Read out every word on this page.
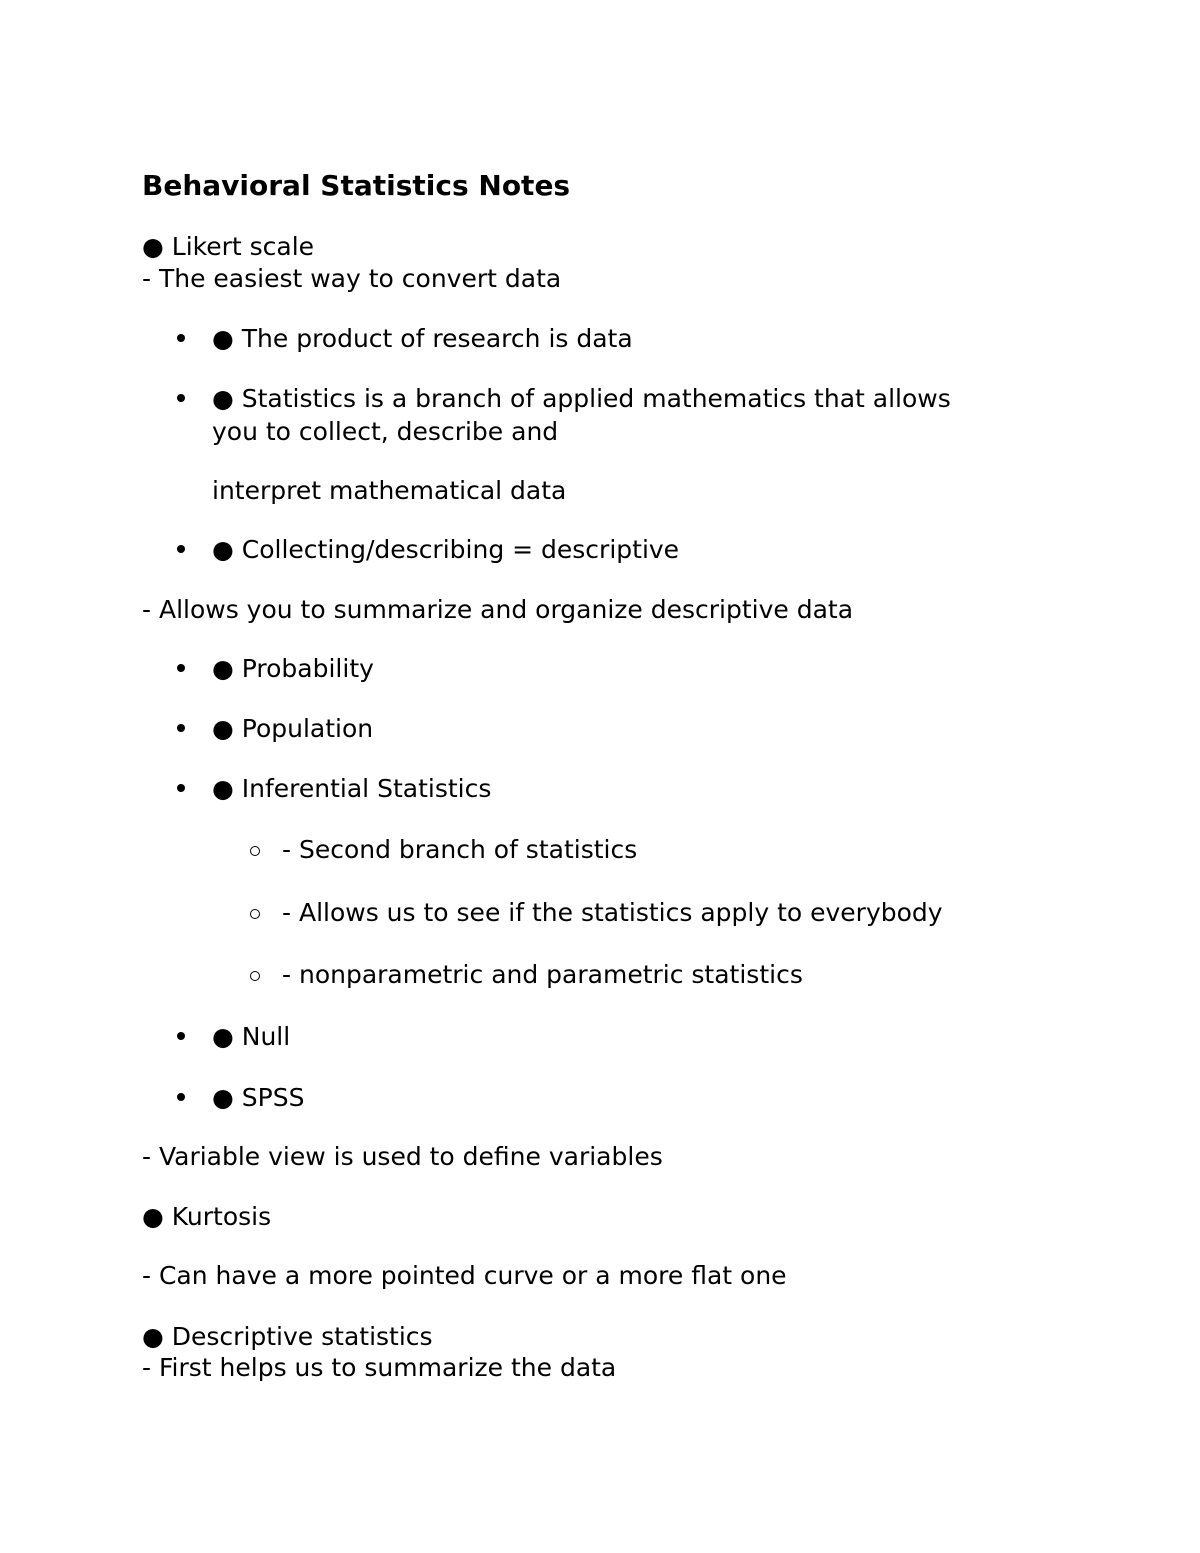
Behavioral Statistics Notes

● Likert scale

- The easiest way to convert data

● The product of research is data

● Statistics is a branch of applied mathematics that allows

you to collect, describe and

interpret mathematical data

● Collecting/describing = descriptive

- Allows you to summarize and organize descriptive data

● Probability

● Population

● Inferential Statistics

- Second branch of statistics

- Allows us to see if the statistics apply to everybody

- nonparametric and parametric statistics

● Null

● SPSS

- Variable view is used to define variables

● Kurtosis

- Can have a more pointed curve or a more flat one

● Descriptive statistics

- First helps us to summarize the data
